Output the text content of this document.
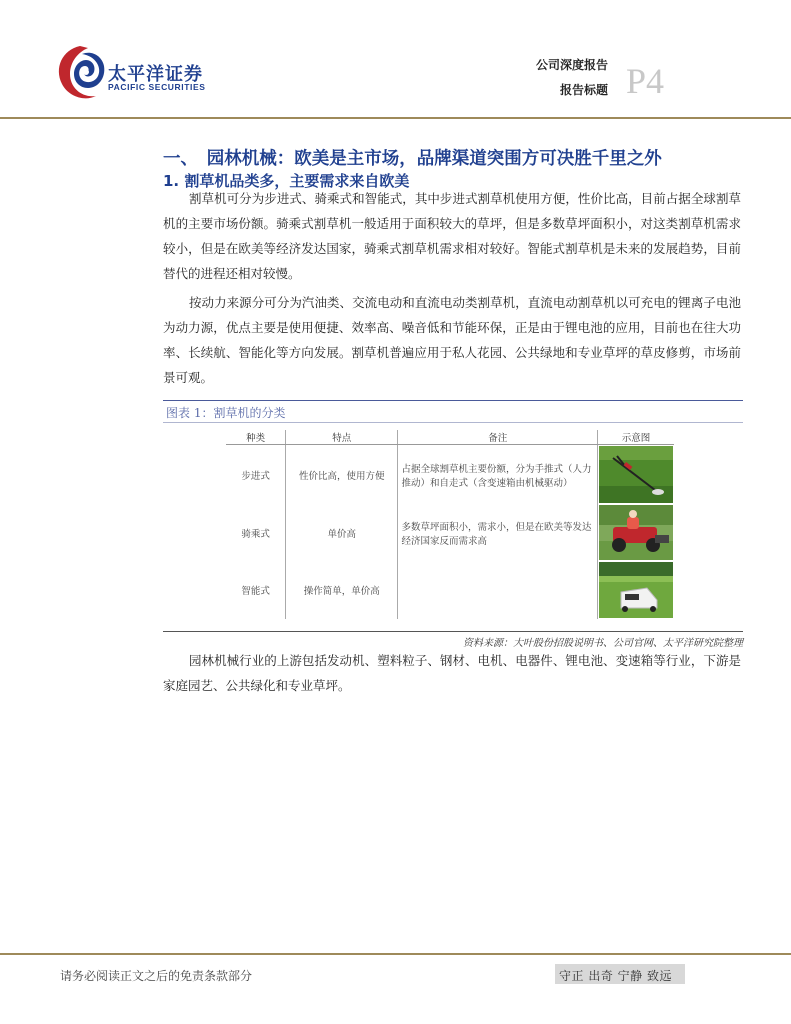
太平洋证券
PACIFIC SECURITIES
公司深度报告
报告标题 P4
一、　园林机械：欧美是主市场，品牌渠道突围方可决胜千里之外
1. 割草机品类多，主要需求来自欧美
割草机可分为步进式、骑乘式和智能式，其中步进式割草机使用方便，性价比高，目前占据全球割草机的主要市场份额。骑乘式割草机一般适用于面积较大的草坪，但是多数草坪面积小，对这类割草机需求较小，但是在欧美等经济发达国家，骑乘式割草机需求相对较好。智能式割草机是未来的发展趋势，目前替代的进程还相对较慢。
按动力来源分可分为汽油类、交流电动和直流电动类割草机，直流电动割草机以可充电的锂离子电池为动力源，优点主要是使用便捷、效率高、噪音低和节能环保，正是由于锂电池的应用，目前也在往大功率、长续航、智能化等方向发展。割草机普遍应用于私人花园、公共绿地和专业草坪的草皮修剪，市场前景可观。
图表 1：割草机的分类
种类	特点	备注	示意图
步进式	性价比高，使用方便	占据全球割草机主要份额，分为手推式（人力推动）和自走式（含变速箱由机械驱动）	

骑乘式	单价高	多数草坪面积小，需求小，但是在欧美等发达经济国家反而需求高	

智能式	操作简单，单价高		
资料来源：大叶股份招股说明书、公司官网、太平洋研究院整理
园林机械行业的上游包括发动机、塑料粒子、钢材、电机、电器件、锂电池、变速箱等行业，下游是家庭园艺、公共绿化和专业草坪。
请务必阅读正文之后的免责条款部分	守正 出奇 宁静 致远
